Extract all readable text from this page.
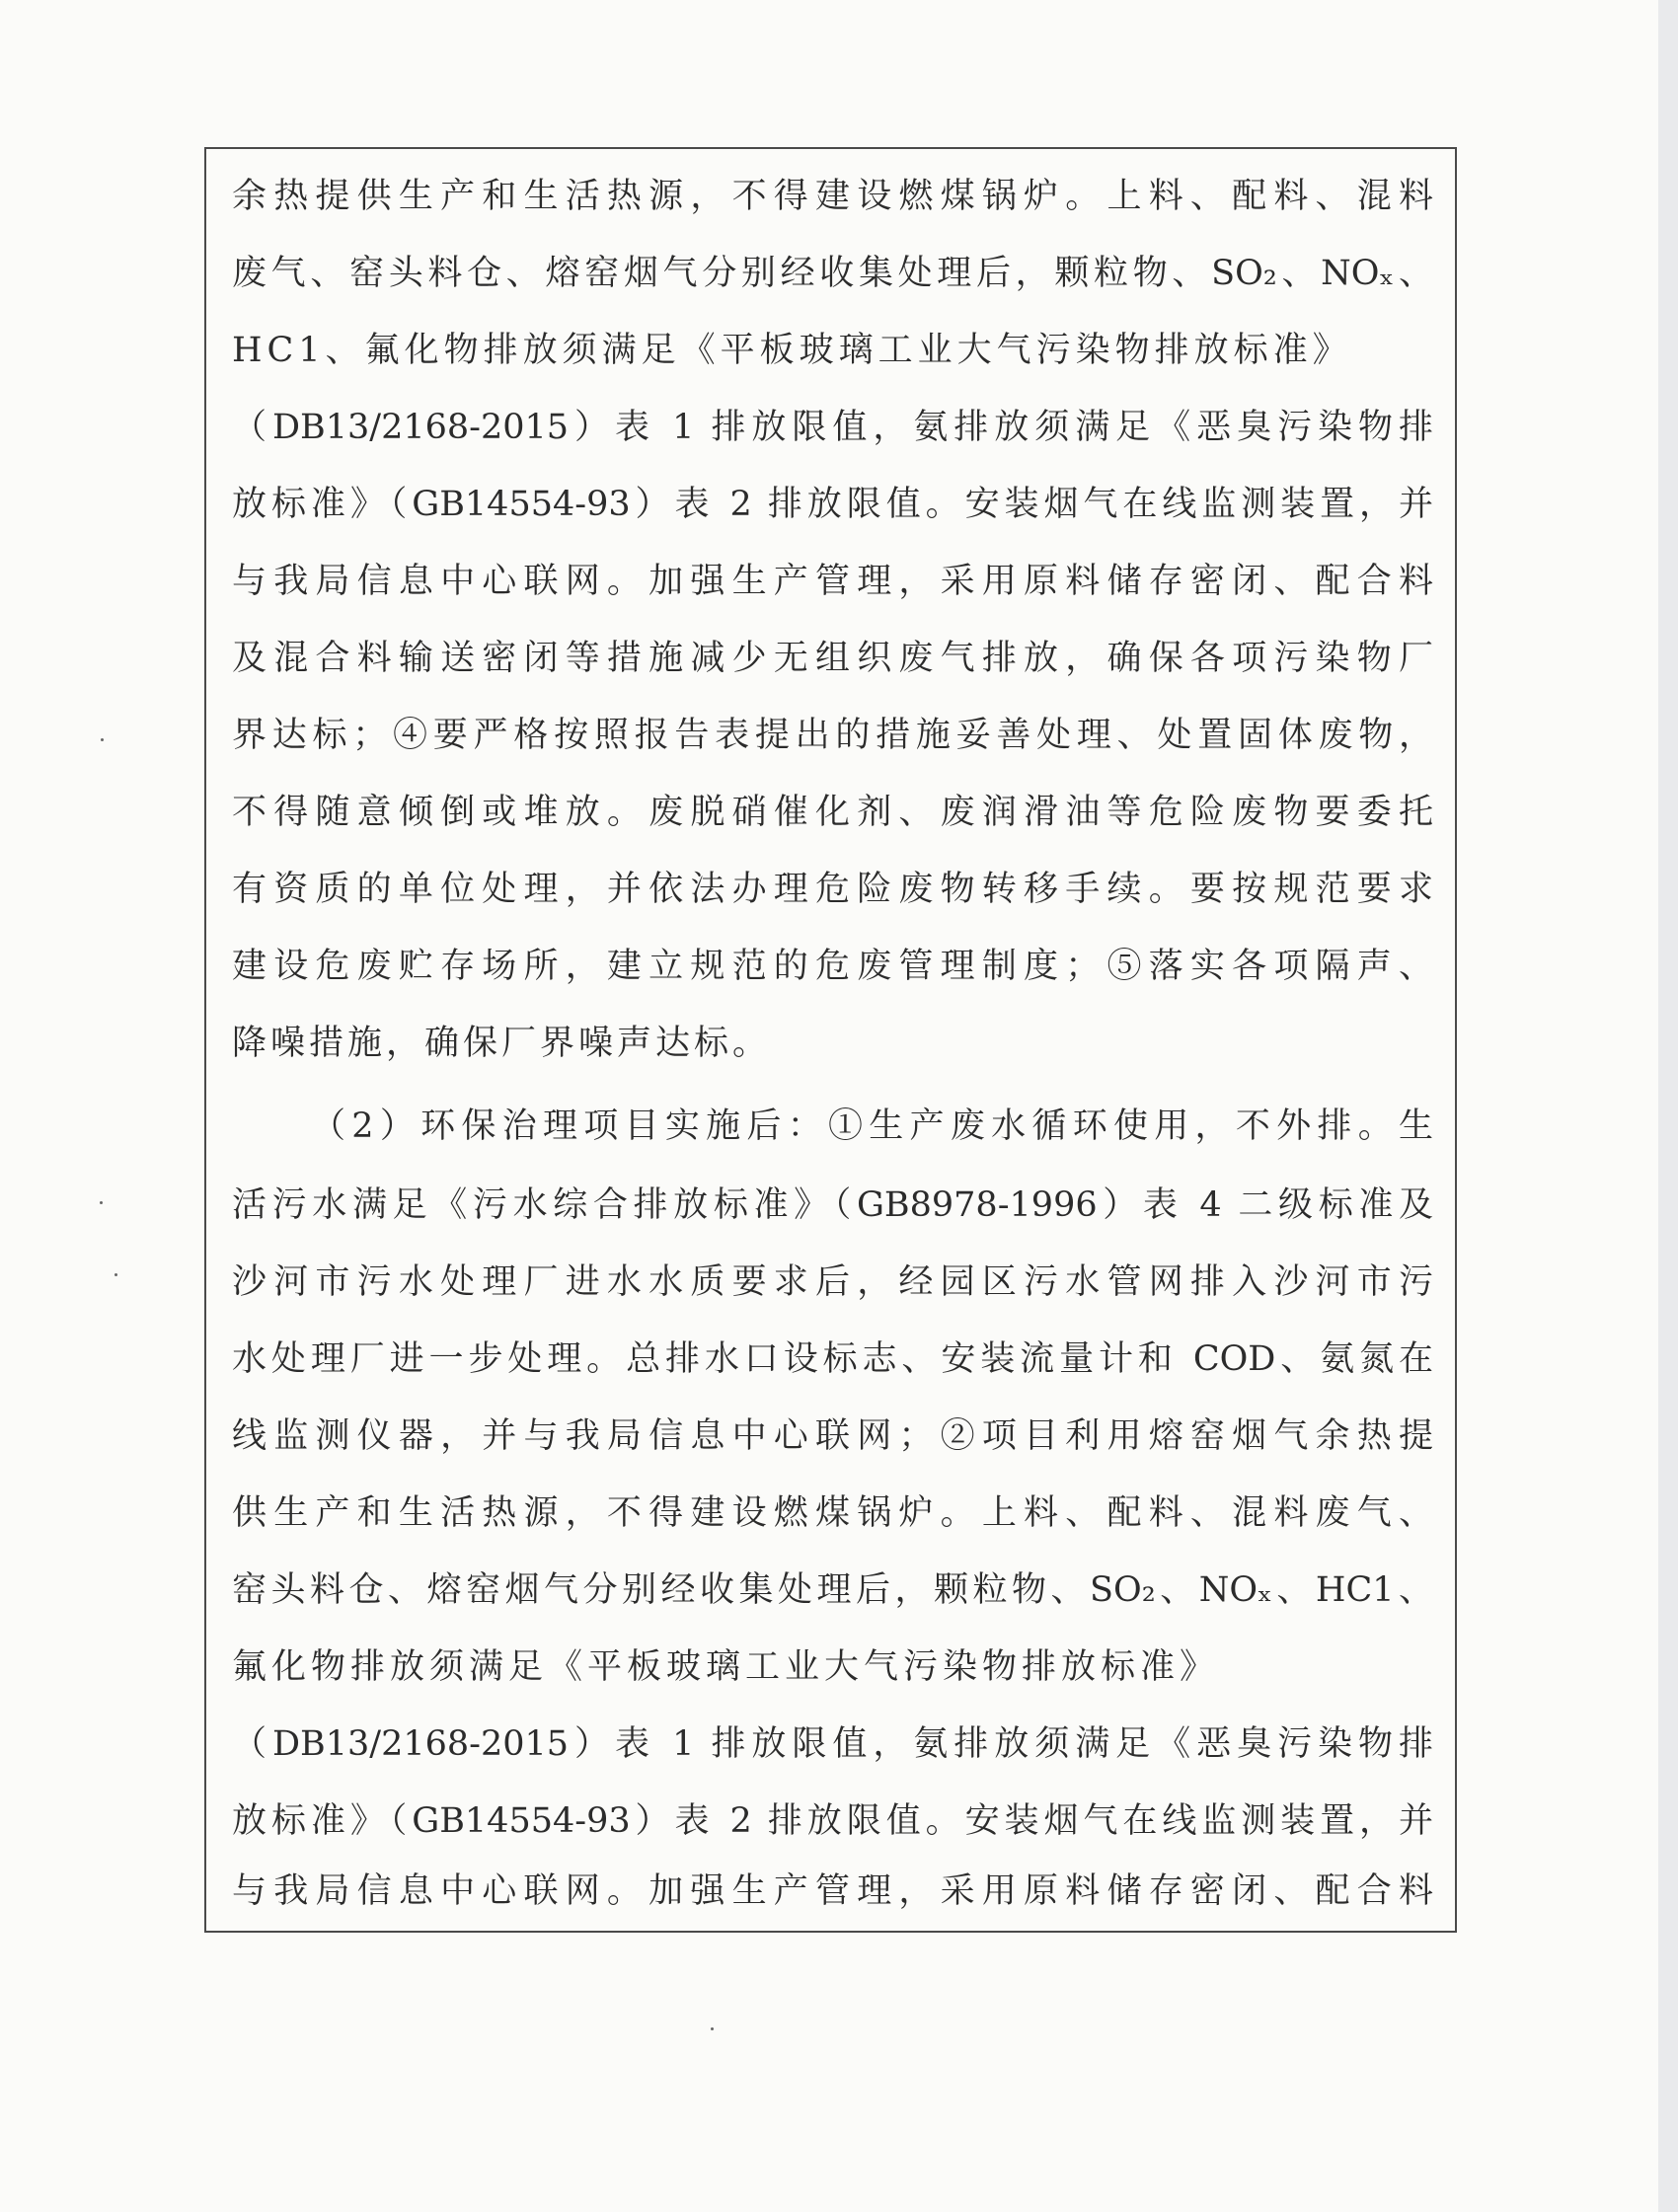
余热提供生产和生活热源，不得建设燃煤锅炉。上料、配料、混料
废气、窑头料仓、熔窑烟气分别经收集处理后，颗粒物、SO₂、NOₓ、
HC1、氟化物排放须满足《平板玻璃工业大气污染物排放标准》
（DB13/2168-2015）表 1 排放限值，氨排放须满足《恶臭污染物排
放标准》（GB14554-93）表 2 排放限值。安装烟气在线监测装置，并
与我局信息中心联网。加强生产管理，采用原料储存密闭、配合料
及混合料输送密闭等措施减少无组织废气排放，确保各项污染物厂
界达标；④要严格按照报告表提出的措施妥善处理、处置固体废物，
不得随意倾倒或堆放。废脱硝催化剂、废润滑油等危险废物要委托
有资质的单位处理，并依法办理危险废物转移手续。要按规范要求
建设危废贮存场所，建立规范的危废管理制度；⑤落实各项隔声、
降噪措施，确保厂界噪声达标。
（2）环保治理项目实施后：①生产废水循环使用，不外排。生
活污水满足《污水综合排放标准》（GB8978-1996）表 4 二级标准及
沙河市污水处理厂进水水质要求后，经园区污水管网排入沙河市污
水处理厂进一步处理。总排水口设标志、安装流量计和 COD、氨氮在
线监测仪器，并与我局信息中心联网；②项目利用熔窑烟气余热提
供生产和生活热源，不得建设燃煤锅炉。上料、配料、混料废气、
窑头料仓、熔窑烟气分别经收集处理后，颗粒物、SO₂、NOₓ、HC1、
氟化物排放须满足《平板玻璃工业大气污染物排放标准》
（DB13/2168-2015）表 1 排放限值，氨排放须满足《恶臭污染物排
放标准》（GB14554-93）表 2 排放限值。安装烟气在线监测装置，并
与我局信息中心联网。加强生产管理，采用原料储存密闭、配合料
